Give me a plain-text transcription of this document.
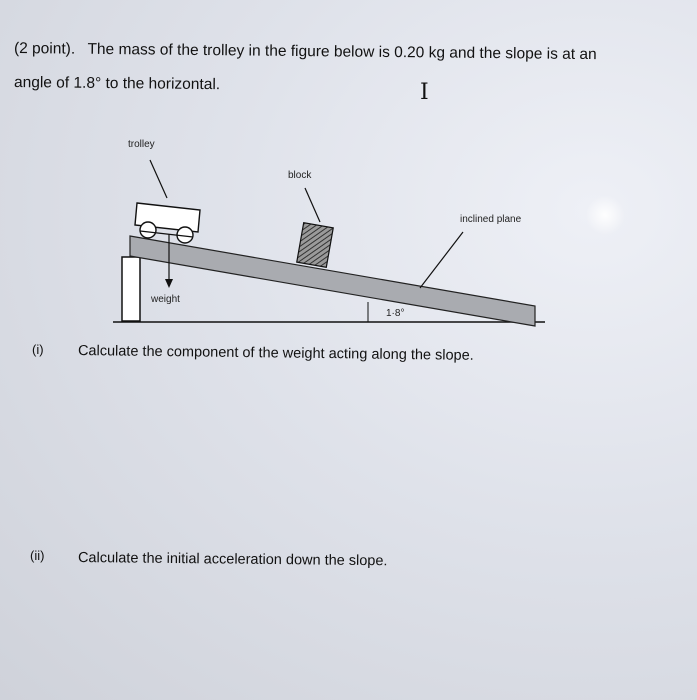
(2 point). The mass of the trolley in the figure below is 0.20 kg and the slope is at an
angle of 1.8° to the horizontal.	I
1·8°
trolley
weight
block
inclined plane
(i) Calculate the component of the weight acting along the slope.
(ii) Calculate the initial acceleration down the slope.
